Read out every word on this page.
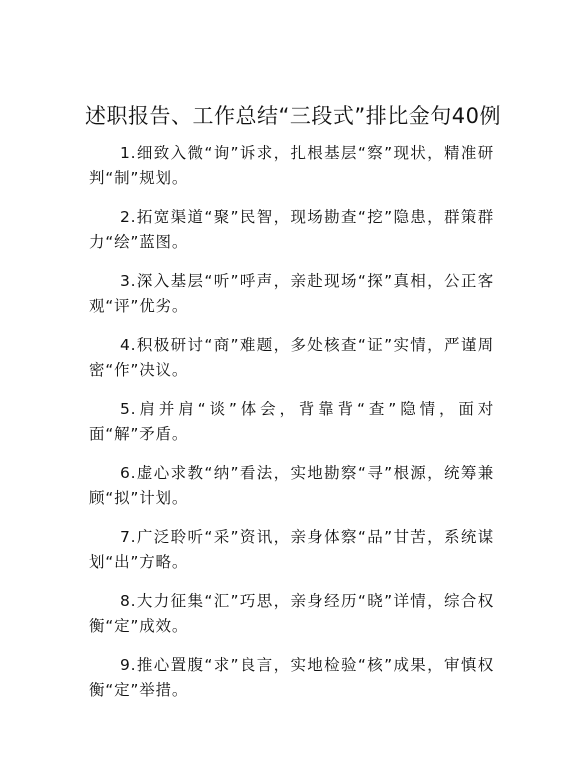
述职报告、工作总结“三段式”排比金句40例

1.细致入微“询”诉求，扎根基层“察”现状，精准研判“制”规划。

2.拓宽渠道“聚”民智，现场勘查“挖”隐患，群策群力“绘”蓝图。

3.深入基层“听”呼声，亲赴现场“探”真相，公正客观“评”优劣。

4.积极研讨“商”难题，多处核查“证”实情，严谨周密“作”决议。

5.肩并肩“谈”体会，背靠背“查”隐情，面对面“解”矛盾。

6.虚心求教“纳”看法，实地勘察“寻”根源，统筹兼顾“拟”计划。

7.广泛聆听“采”资讯，亲身体察“品”甘苦，系统谋划“出”方略。

8.大力征集“汇”巧思，亲身经历“晓”详情，综合权衡“定”成效。

9.推心置腹“求”良言，实地检验“核”成果，审慎权衡“定”举措。
